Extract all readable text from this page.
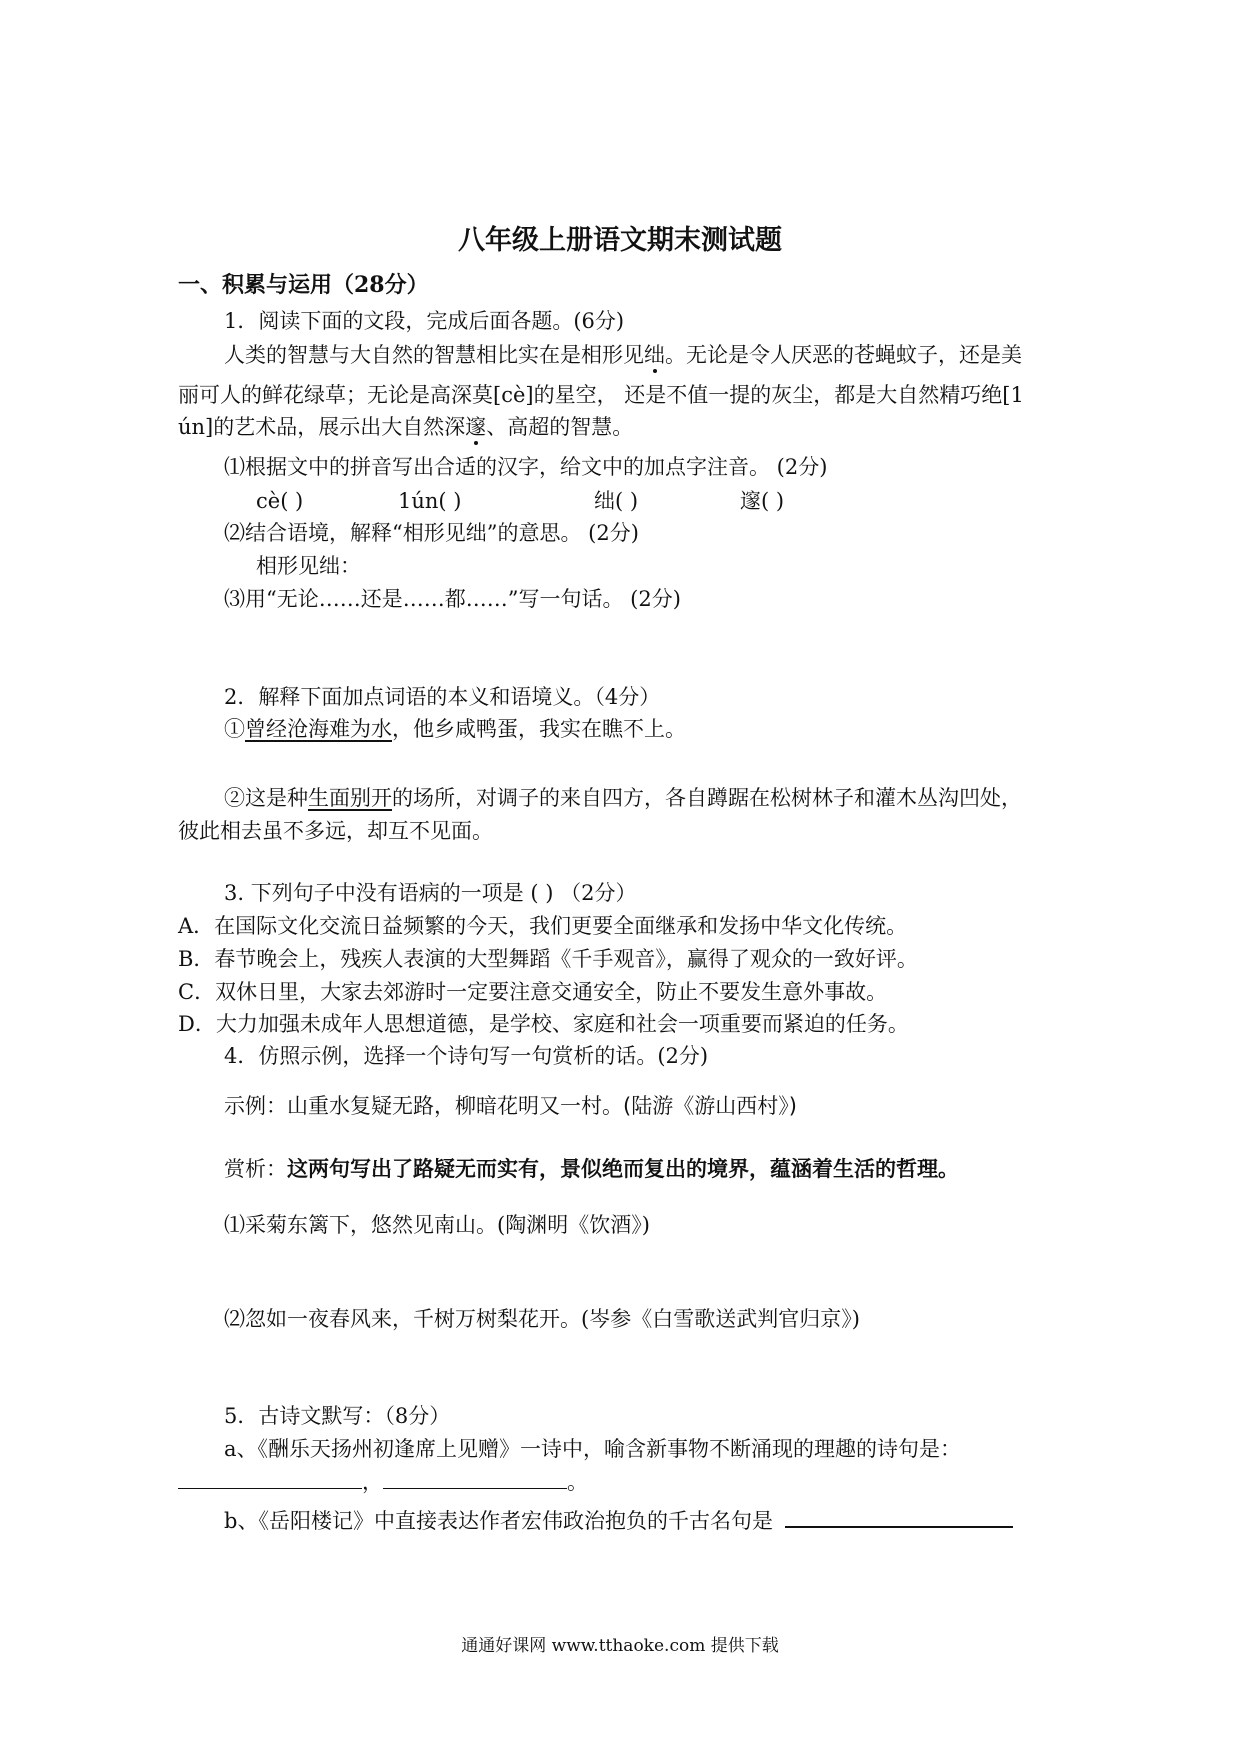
八年级上册语文期末测试题
一、积累与运用（28分）
1．阅读下面的文段，完成后面各题。(6分)
人类的智慧与大自然的智慧相比实在是相形见绌。无论是令人厌恶的苍蝇蚊子，还是美
丽可人的鲜花绿草；无论是高深莫[cè]的星空， 还是不值一提的灰尘，都是大自然精巧绝[1
ún]的艺术品，展示出大自然深邃、高超的智慧。
⑴根据文中的拼音写出合适的汉字，给文中的加点字注音。 (2分)
cè( )	1ún( )	绌( )	邃( )
⑵结合语境，解释“相形见绌”的意思。 (2分)
相形见绌：
⑶用“无论……还是……都……”写一句话。 (2分)
2．解释下面加点词语的本义和语境义。（4分）
①曾经沧海难为水，他乡咸鸭蛋，我实在瞧不上。
②这是种生面别开的场所，对调子的来自四方，各自蹲踞在松树林子和灌木丛沟凹处，
彼此相去虽不多远，却互不见面。
3. 下列句子中没有语病的一项是 ( ) （2分）
A．在国际文化交流日益频繁的今天，我们更要全面继承和发扬中华文化传统。
B．春节晚会上，残疾人表演的大型舞蹈《千手观音》，赢得了观众的一致好评。
C．双休日里，大家去郊游时一定要注意交通安全，防止不要发生意外事故。
D．大力加强未成年人思想道德，是学校、家庭和社会一项重要而紧迫的任务。
4．仿照示例，选择一个诗句写一句赏析的话。(2分)
示例：山重水复疑无路，柳暗花明又一村。(陆游《游山西村》)
赏析：这两句写出了路疑无而实有，景似绝而复出的境界，蕴涵着生活的哲理。
⑴采菊东篱下，悠然见南山。(陶渊明《饮酒》)
⑵忽如一夜春风来，千树万树梨花开。(岑参《白雪歌送武判官归京》)
5．古诗文默写：（8分）
a、《酬乐天扬州初逢席上见赠》一诗中，喻含新事物不断涌现的理趣的诗句是：
，	。
b、《岳阳楼记》中直接表达作者宏伟政治抱负的千古名句是
通通好课网 www.tthaoke.com 提供下载
